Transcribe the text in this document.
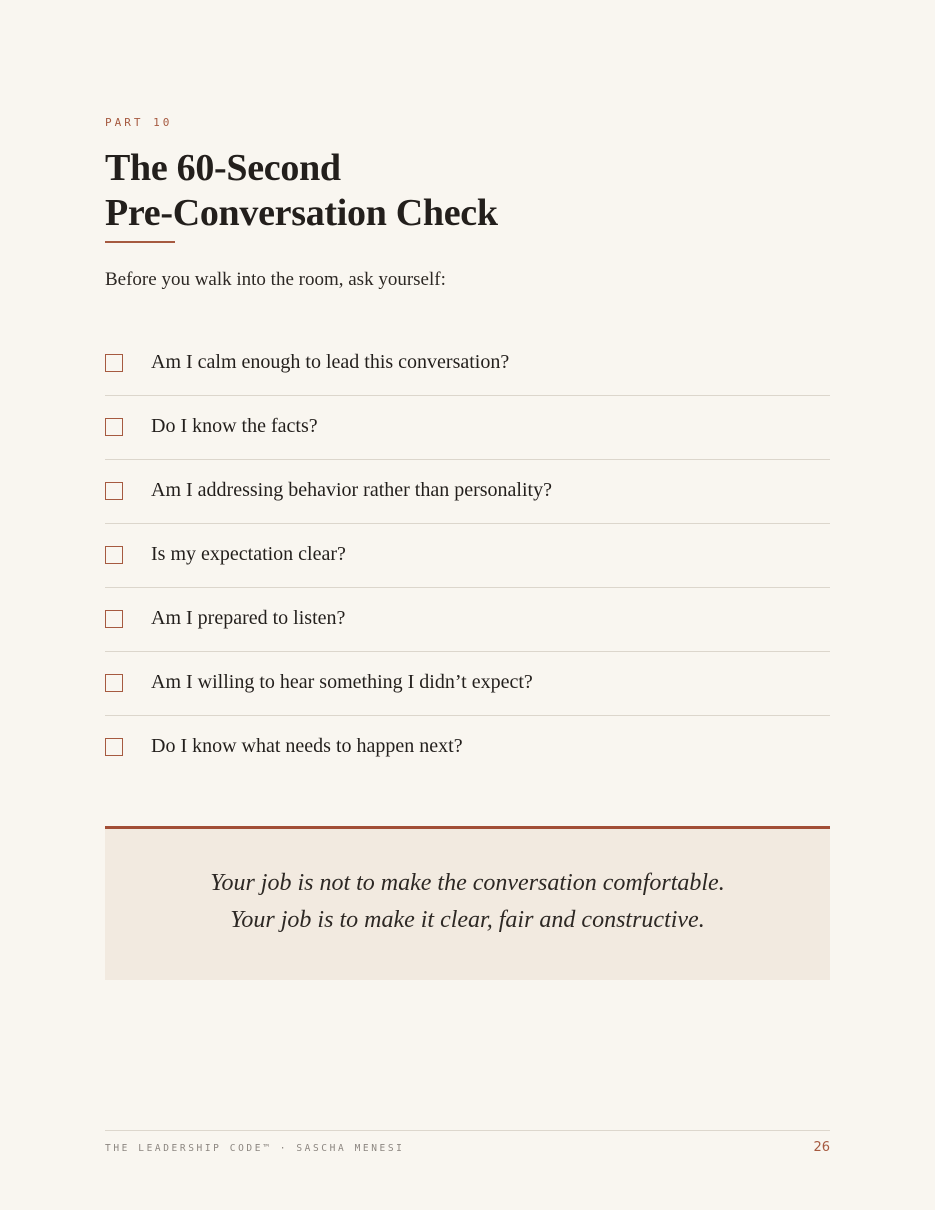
PART 10
The 60-Second
Pre-Conversation Check

Before you walk into the room, ask yourself:

Am I calm enough to lead this conversation?
Do I know the facts?
Am I addressing behavior rather than personality?
Is my expectation clear?
Am I prepared to listen?
Am I willing to hear something I didn’t expect?
Do I know what needs to happen next?
Your job is not to make the conversation comfortable.
Your job is to make it clear, fair and constructive.
THE LEADERSHIP CODE™ · SASCHA MENESI	26
